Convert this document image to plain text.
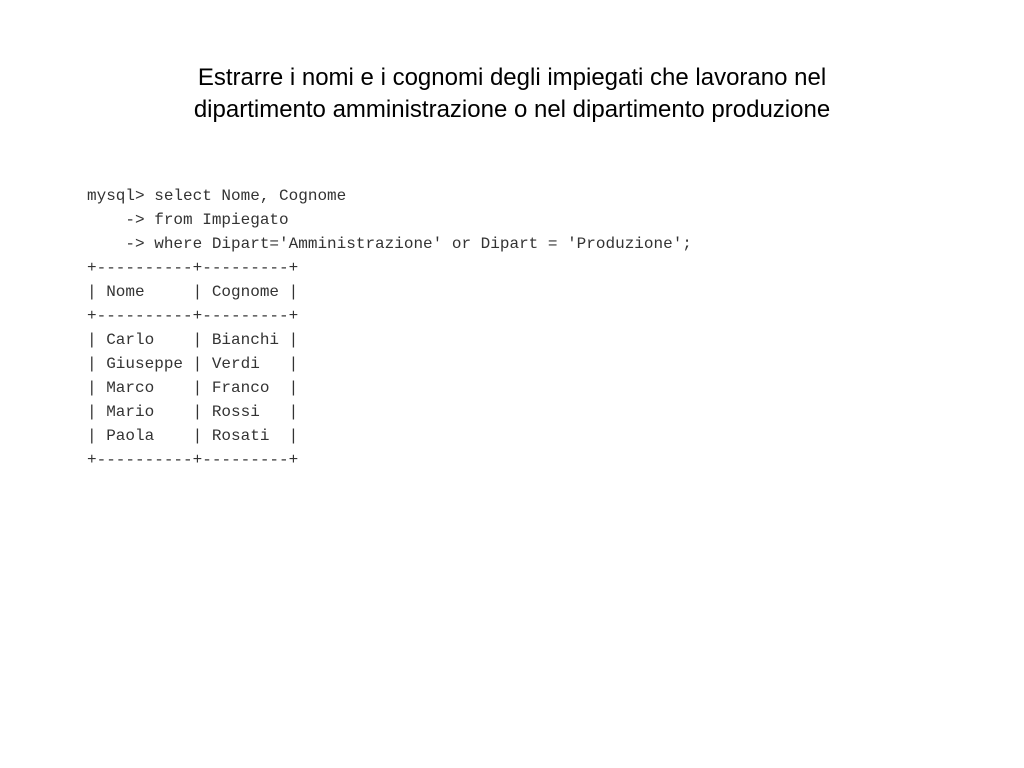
Estrarre i nomi e i cognomi degli impiegati che lavorano nel
dipartimento amministrazione o nel dipartimento produzione
mysql> select Nome, Cognome
-> from Impiegato
-> where Dipart='Amministrazione' or Dipart = 'Produzione';
+----------+---------+
| Nome     | Cognome |
+----------+---------+
| Carlo    | Bianchi |
| Giuseppe | Verdi   |
| Marco    | Franco  |
| Mario    | Rossi   |
| Paola    | Rosati  |
+----------+---------+
